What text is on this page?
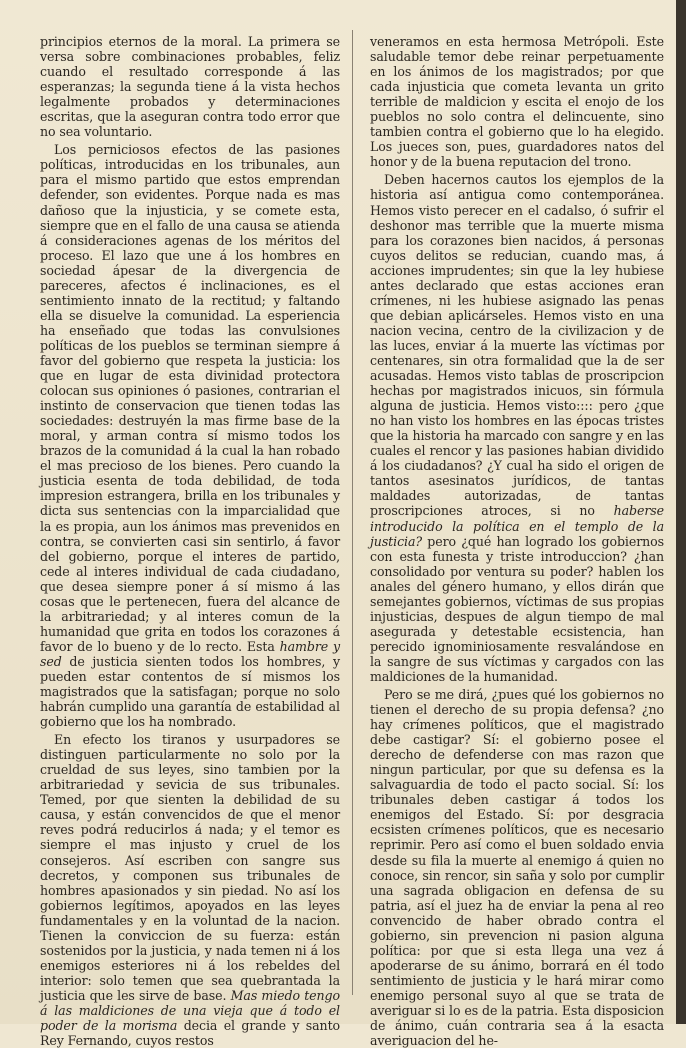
principios eternos de la moral. La primera se versa sobre combinaciones probables, feliz cuando el resultado corresponde á las esperanzas; la segunda tiene á la vista hechos legalmente probados y determinaciones escritas, que la aseguran contra todo error que no sea voluntario.

Los perniciosos efectos de las pasiones políticas, introducidas en los tribunales, aun para el mismo partido que estos emprendan defender, son evidentes. Porque nada es mas dañoso que la injusticia, y se comete esta, siempre que en el fallo de una causa se atienda á consideraciones agenas de los méritos del proceso. El lazo que une á los hombres en sociedad ápesar de la divergencia de pareceres, afectos é inclinaciones, es el sentimiento innato de la rectitud; y faltando ella se disuelve la comunidad. La esperiencia ha enseñado que todas las convulsiones políticas de los pueblos se terminan siempre á favor del gobierno que respeta la justicia: los que en lugar de esta divinidad protectora colocan sus opiniones ó pasiones, contrarian el instinto de conservacion que tienen todas las sociedades: destruyén la mas firme base de la moral, y arman contra sí mismo todos los brazos de la comunidad á la cual la han robado el mas precioso de los bienes. Pero cuando la justicia esenta de toda debilidad, de toda impresion estrangera, brilla en los tribunales y dicta sus sentencias con la imparcialidad que la es propia, aun los ánimos mas prevenidos en contra, se convierten casi sin sentirlo, á favor del gobierno, porque el interes de partido, cede al interes individual de cada ciudadano, que desea siempre poner á sí mismo á las cosas que le pertenecen, fuera del alcance de la arbitrariedad; y al interes comun de la humanidad que grita en todos los corazones á favor de lo bueno y de lo recto. Esta hambre y sed de justicia sienten todos los hombres, y pueden estar contentos de sí mismos los magistrados que la satisfagan; porque no solo habrán cumplido una garantía de estabilidad al gobierno que los ha nombrado.

En efecto los tiranos y usurpadores se distinguen particularmente no solo por la crueldad de sus leyes, sino tambien por la arbitrariedad y sevicia de sus tribunales. Temed, por que sienten la debilidad de su causa, y están convencidos de que el menor reves podrá reducirlos á nada; y el temor es siempre el mas injusto y cruel de los consejeros. Así escriben con sangre sus decretos, y componen sus tribunales de hombres apasionados y sin piedad. No así los gobiernos legítimos, apoyados en las leyes fundamentales y en la voluntad de la nacion. Tienen la conviccion de su fuerza: están sostenidos por la justicia, y nada temen ni á los enemigos esteriores ni á los rebeldes del interior: solo temen que sea quebrantada la justicia que les sirve de base. Mas miedo tengo á las maldiciones de una vieja que á todo el poder de la morisma decia el grande y santo Rey Fernando, cuyos restos

veneramos en esta hermosa Metrópoli. Este saludable temor debe reinar perpetuamente en los ánimos de los magistrados; por que cada injusticia que cometa levanta un grito terrible de maldicion y escita el enojo de los pueblos no solo contra el delincuente, sino tambien contra el gobierno que lo ha elegido. Los jueces son, pues, guardadores natos del honor y de la buena reputacion del trono.

Deben hacernos cautos los ejemplos de la historia así antigua como contemporánea. Hemos visto perecer en el cadalso, ó sufrir el deshonor mas terrible que la muerte misma para los corazones bien nacidos, á personas cuyos delitos se reducian, cuando mas, á acciones imprudentes; sin que la ley hubiese antes declarado que estas acciones eran crímenes, ni les hubiese asignado las penas que debian aplicárseles. Hemos visto en una nacion vecina, centro de la civilizacion y de las luces, enviar á la muerte las víctimas por centenares, sin otra formalidad que la de ser acusadas. Hemos visto tablas de proscripcion hechas por magistrados inicuos, sin fórmula alguna de justicia. Hemos visto:::: pero ¿que no han visto los hombres en las épocas tristes que la historia ha marcado con sangre y en las cuales el rencor y las pasiones habian dividido á los ciudadanos? ¿Y cual ha sido el origen de tantos asesinatos jurídicos, de tantas maldades autorizadas, de tantas proscripciones atroces, si no haberse introducido la política en el templo de la justicia? pero ¿qué han logrado los gobiernos con esta funesta y triste introduccion? ¿han consolidado por ventura su poder? hablen los anales del género humano, y ellos dirán que semejantes gobiernos, víctimas de sus propias injusticias, despues de algun tiempo de mal asegurada y detestable ecsistencia, han perecido ignominiosamente resvalándose en la sangre de sus víctimas y cargados con las maldiciones de la humanidad.

Pero se me dirá, ¿pues qué los gobiernos no tienen el derecho de su propia defensa? ¿no hay crímenes políticos, que el magistrado debe castigar? Sí: el gobierno posee el derecho de defenderse con mas razon que ningun particular, por que su defensa es la salvaguardia de todo el pacto social. Sí: los tribunales deben castigar á todos los enemigos del Estado. Sí: por desgracia ecsisten crímenes políticos, que es necesario reprimir. Pero así como el buen soldado envia desde su fila la muerte al enemigo á quien no conoce, sin rencor, sin saña y solo por cumplir una sagrada obligacion en defensa de su patria, así el juez ha de enviar la pena al reo convencido de haber obrado contra el gobierno, sin prevencion ni pasion alguna política: por que si esta llega una vez á apoderarse de su ánimo, borrará en él todo sentimiento de justicia y le hará mirar como enemigo personal suyo al que se trata de averiguar si lo es de la patria. Esta disposicion de ánimo, cuán contraria sea á la esacta averiguacion del he-
